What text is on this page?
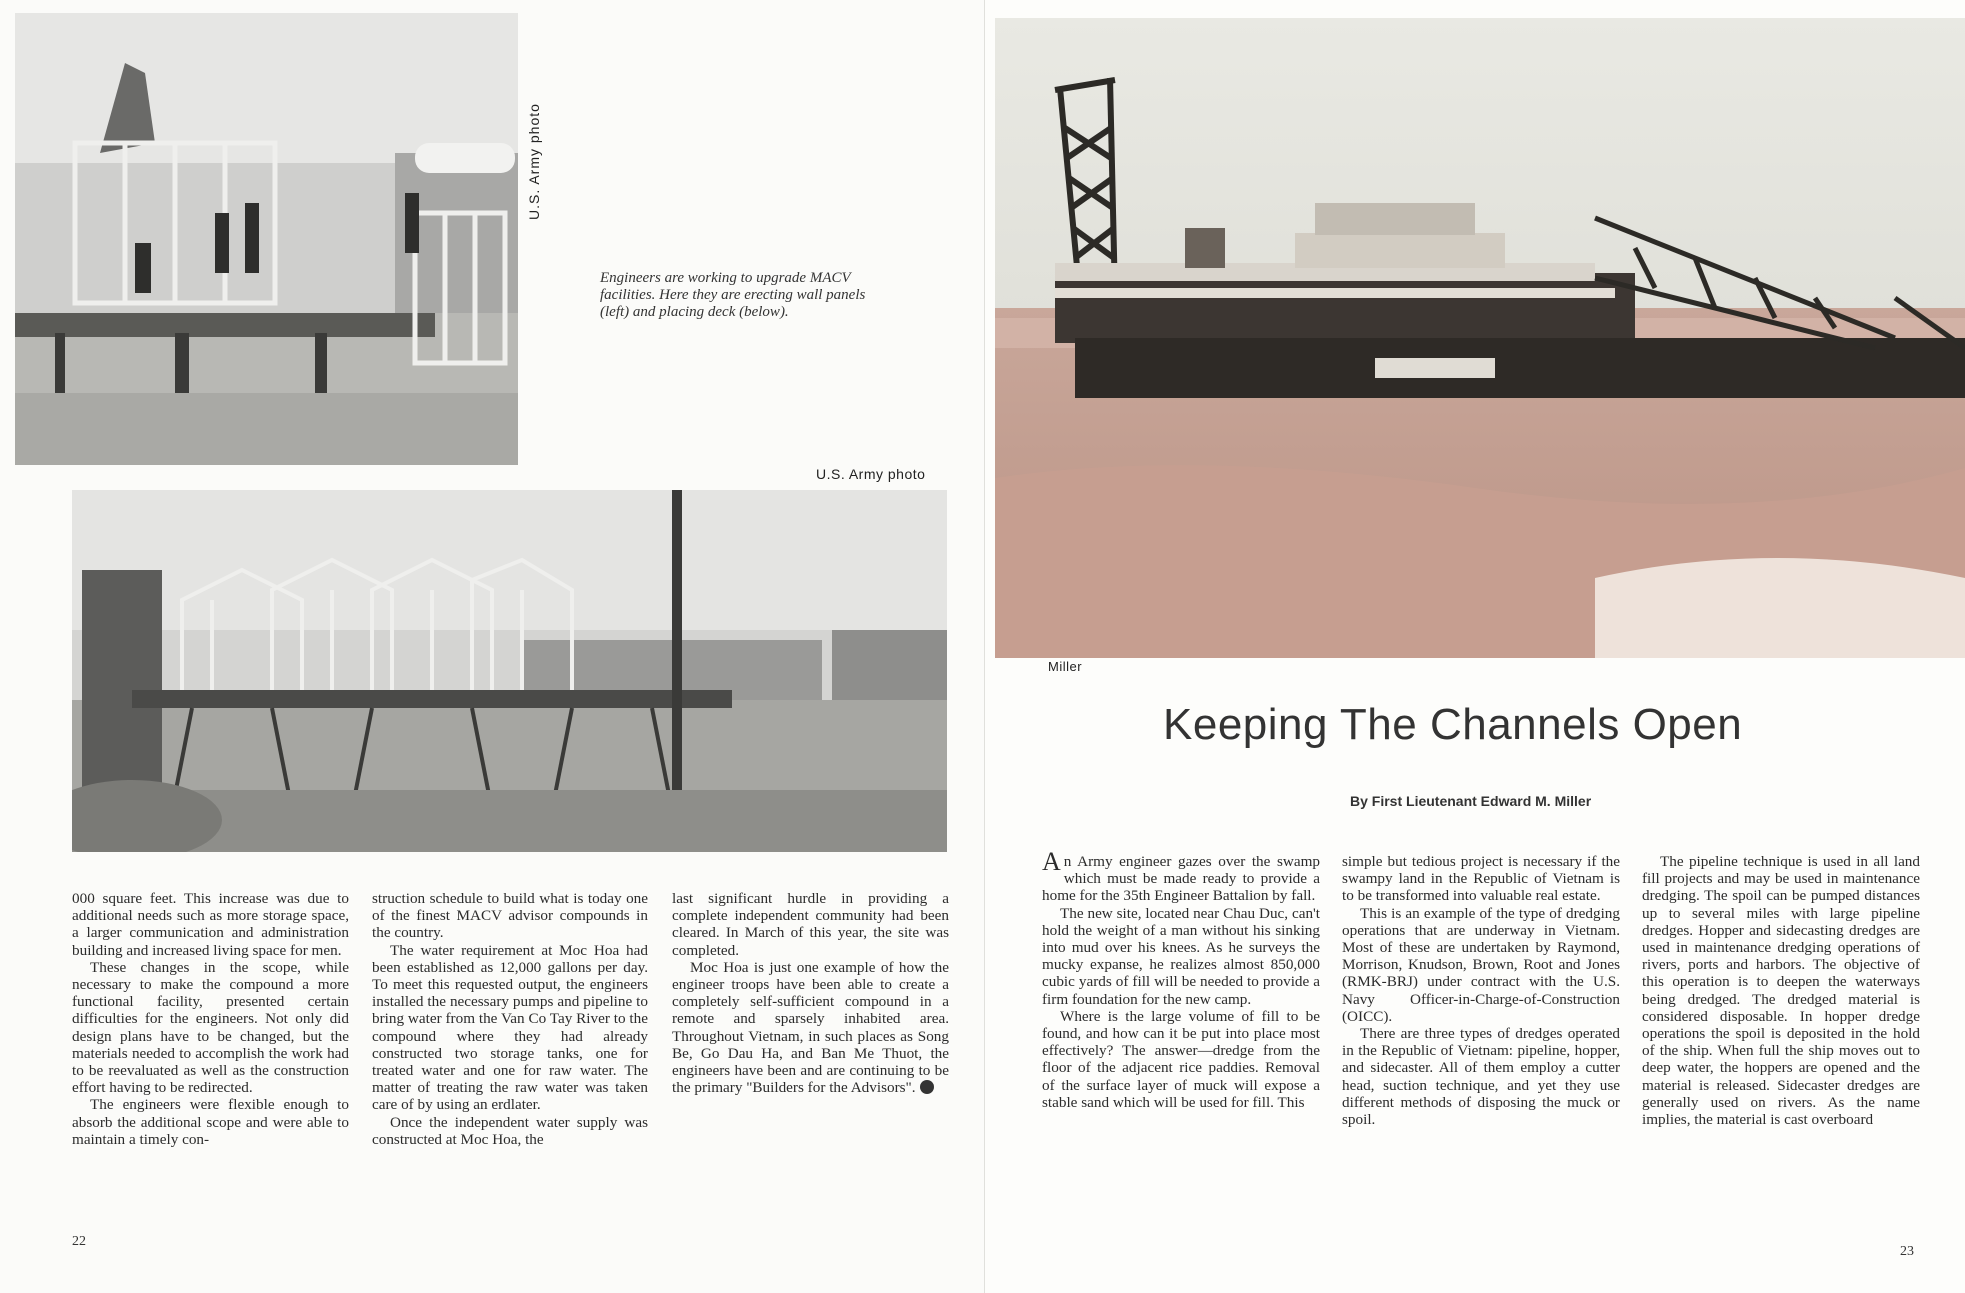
U.S. Army photo
Engineers are working to upgrade MACV facilities. Here they are erecting wall panels (left) and placing deck (below).
U.S. Army photo

000 square feet. This increase was due to additional needs such as more storage space, a larger communication and administration building and increased living space for men.

These changes in the scope, while necessary to make the compound a more functional facility, presented certain difficulties for the engineers. Not only did design plans have to be changed, but the materials needed to accomplish the work had to be reevaluated as well as the construction effort having to be redirected.

The engineers were flexible enough to absorb the additional scope and were able to maintain a timely con-

struction schedule to build what is today one of the finest MACV advisor compounds in the country.

The water requirement at Moc Hoa had been established as 12,000 gallons per day. To meet this requested output, the engineers installed the necessary pumps and pipeline to bring water from the Van Co Tay River to the compound where they had already constructed two storage tanks, one for treated water and one for raw water. The matter of treating the raw water was taken care of by using an erdlater.

Once the independent water supply was constructed at Moc Hoa, the

last significant hurdle in providing a complete independent community had been cleared. In March of this year, the site was completed.

Moc Hoa is just one example of how the engineer troops have been able to create a completely self-sufficient compound in a remote and sparsely inhabited area. Throughout Vietnam, in such places as Song Be, Go Dau Ha, and Ban Me Thuot, the engineers have been and are continuing to be the primary "Builders for the Advisors".

22
Miller
Keeping The Channels Open
By First Lieutenant Edward M. Miller

An Army engineer gazes over the swamp which must be made ready to provide a home for the 35th Engineer Battalion by fall.

The new site, located near Chau Duc, can't hold the weight of a man without his sinking into mud over his knees. As he surveys the mucky expanse, he realizes almost 850,000 cubic yards of fill will be needed to provide a firm foundation for the new camp.

Where is the large volume of fill to be found, and how can it be put into place most effectively? The answer—dredge from the floor of the adjacent rice paddies. Removal of the surface layer of muck will expose a stable sand which will be used for fill. This

simple but tedious project is necessary if the swampy land in the Republic of Vietnam is to be transformed into valuable real estate.

This is an example of the type of dredging operations that are underway in Vietnam. Most of these are undertaken by Raymond, Morrison, Knudson, Brown, Root and Jones (RMK-BRJ) under contract with the U.S. Navy Officer-in-Charge-of-Construction (OICC).

There are three types of dredges operated in the Republic of Vietnam: pipeline, hopper, and sidecaster. All of them employ a cutter head, suction technique, and yet they use different methods of disposing the muck or spoil.

The pipeline technique is used in all land fill projects and may be used in maintenance dredging. The spoil can be pumped distances up to several miles with large pipeline dredges. Hopper and sidecasting dredges are used in maintenance dredging operations of rivers, ports and harbors. The objective of this operation is to deepen the waterways being dredged. The dredged material is considered disposable. In hopper dredge operations the spoil is deposited in the hold of the ship. When full the ship moves out to deep water, the hoppers are opened and the material is released. Sidecaster dredges are generally used on rivers. As the name implies, the material is cast overboard

23
